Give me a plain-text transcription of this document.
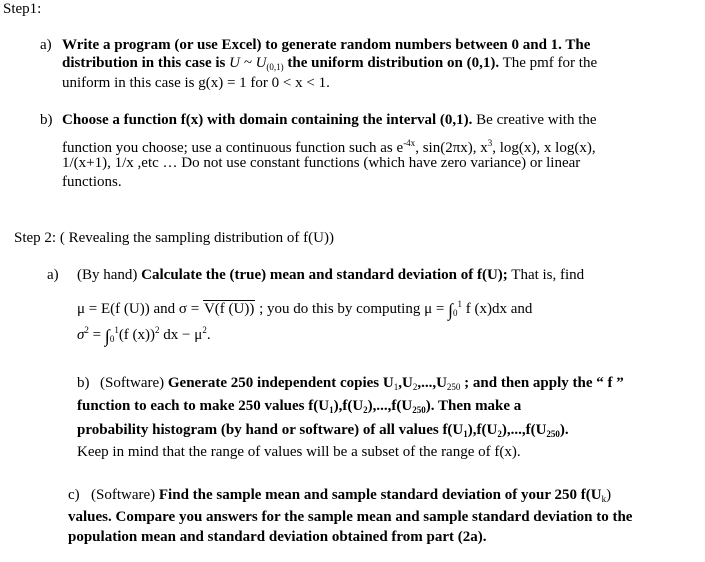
Step1:
a) Write a program (or use Excel) to generate random numbers between 0 and 1. The
distribution in this case is U ~ $U_{(0,1)}$ the uniform distribution on (0,1). The pmf for the
uniform in this case is g(x) = 1 for 0 < x < 1.
b) Choose a function f(x) with domain containing the interval (0,1). Be creative with the
function you choose; use a continuous function such as $e^{-4x}$, sin(2πx), $x^3$, log(x), x log(x),
1/(x+1), 1/x ,etc … Do not use constant functions (which have zero variance) or linear
functions.
Step 2: ( Revealing the sampling distribution of f(U))
a) (By hand) Calculate the (true) mean and standard deviation of f(U); That is, find
μ = E(f (U)) and σ = V(f (U)) ; you do this by computing $\mu = \int_0^1$ f (x)dx and
$\sigma^2 = \int_0^1(f$ (x))$^2$ dx − $\mu^2$.
b) (Software) Generate 250 independent copies $U_1,U_2,...,U_{250}$ ; and then apply the “ f ”
function to each to make 250 values $f(U_1),f(U_2),...,f(U_{250})$. Then make a
probability histogram (by hand or software) of all values $f(U_1),f(U_2),...,f(U_{250})$.
Keep in mind that the range of values will be a subset of the range of f(x).
c) (Software) Find the sample mean and sample standard deviation of your 250 $f(U_k)$
values. Compare you answers for the sample mean and sample standard deviation to the
population mean and standard deviation obtained from part (2a).
